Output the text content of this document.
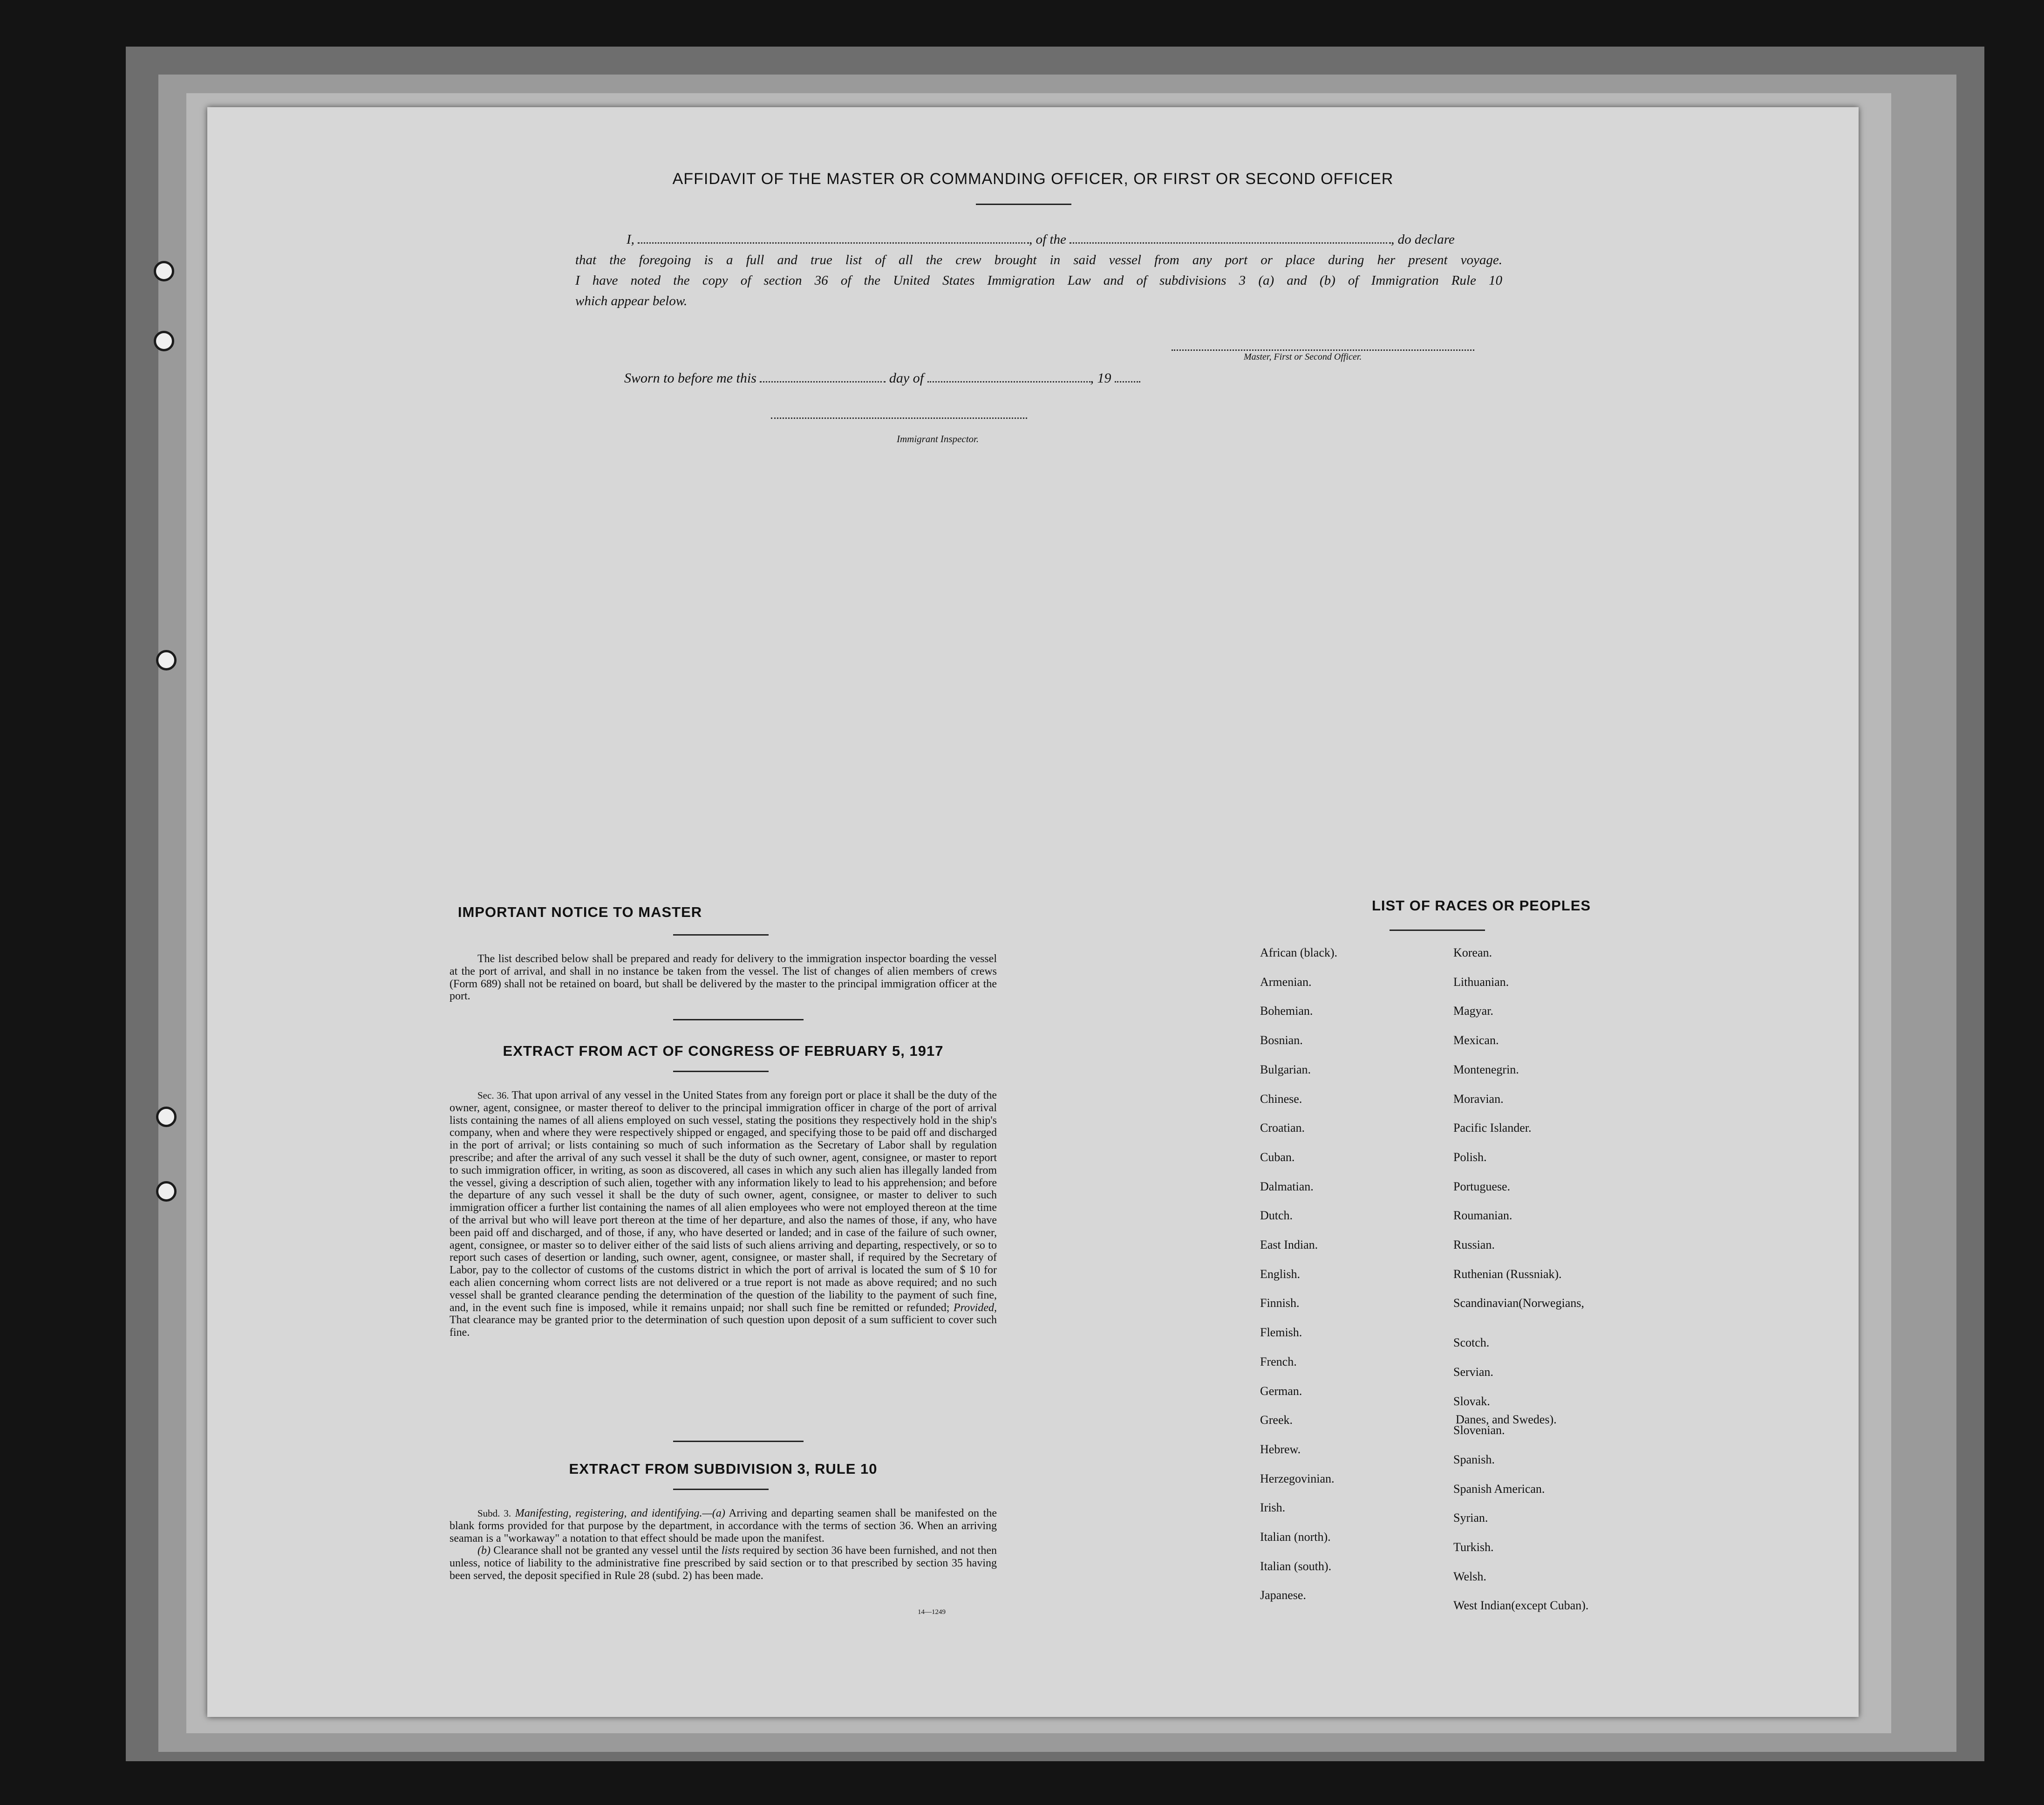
AFFIDAVIT OF THE MASTER OR COMMANDING OFFICER, OR FIRST OR SECOND OFFICER
I,	, of the	, do declare
that the foregoing is a full and true list of all the crew brought in said vessel from any port or place during her present voyage.
I have noted the copy of section 36 of the United States Immigration Law and of subdivisions 3 (a) and (b) of Immigration Rule 10
which appear below.
Master, First or Second Officer.
Sworn to before me this	day of	, 19
Immigrant Inspector.
IMPORTANT NOTICE TO MASTER

The list described below shall be prepared and ready for delivery to the immigration inspector boarding the vessel at the port of arrival, and shall in no instance be taken from the vessel. The list of changes of alien members of crews (Form 689) shall not be retained on board, but shall be delivered by the master to the principal immigration officer at the port.

EXTRACT FROM ACT OF CONGRESS OF FEBRUARY 5, 1917

Sec. 36. That upon arrival of any vessel in the United States from any foreign port or place it shall be the duty of the owner, agent, consignee, or master thereof to deliver to the principal immigration officer in charge of the port of arrival lists containing the names of all aliens employed on such vessel, stating the positions they respectively hold in the ship's company, when and where they were respectively shipped or engaged, and specifying those to be paid off and discharged in the port of arrival; or lists containing so much of such information as the Secretary of Labor shall by regulation prescribe; and after the arrival of any such vessel it shall be the duty of such owner, agent, consignee, or master to report to such immigration officer, in writing, as soon as discovered, all cases in which any such alien has illegally landed from the vessel, giving a description of such alien, together with any information likely to lead to his apprehension; and before the departure of any such vessel it shall be the duty of such owner, agent, consignee, or master to deliver to such immigration officer a further list containing the names of all alien employees who were not employed thereon at the time of the arrival but who will leave port thereon at the time of her departure, and also the names of those, if any, who have been paid off and discharged, and of those, if any, who have deserted or landed; and in case of the failure of such owner, agent, consignee, or master so to deliver either of the said lists of such aliens arriving and departing, respectively, or so to report such cases of desertion or landing, such owner, agent, consignee, or master shall, if required by the Secretary of Labor, pay to the collector of customs of the customs district in which the port of arrival is located the sum of $ 10 for each alien concerning whom correct lists are not delivered or a true report is not made as above required; and no such vessel shall be granted clearance pending the determination of the question of the liability to the payment of such fine, and, in the event such fine is imposed, while it remains unpaid; nor shall such fine be remitted or refunded; Provided, That clearance may be granted prior to the determination of such question upon deposit of a sum sufficient to cover such fine.

EXTRACT FROM SUBDIVISION 3, RULE 10

Subd. 3. Manifesting, registering, and identifying.—(a) Arriving and departing seamen shall be manifested on the blank forms provided for that purpose by the department, in accordance with the terms of section 36. When an arriving seaman is a "workaway" a notation to that effect should be made upon the manifest.

(b) Clearance shall not be granted any vessel until the lists required by section 36 have been furnished, and not then unless, notice of liability to the administrative fine prescribed by said section or to that prescribed by section 35 having been served, the deposit specified in Rule 28 (subd. 2) has been made.

14—1249
LIST OF RACES OR PEOPLES
African (black).
Armenian.
Bohemian.
Bosnian.
Bulgarian.
Chinese.
Croatian.
Cuban.
Dalmatian.
Dutch.
East Indian.
English.
Finnish.
Flemish.
French.
German.
Greek.
Hebrew.
Herzegovinian.
Irish.
Italian (north).
Italian (south).
Japanese.
Korean.
Lithuanian.
Magyar.
Mexican.
Montenegrin.
Moravian.
Pacific Islander.
Polish.
Portuguese.
Roumanian.
Russian.
Ruthenian (Russniak).
Scandinavian(Norwegians,
Scotch.
Servian.
Slovak.
Slovenian.
Spanish.
Spanish American.
Syrian.
Turkish.
Welsh.
West Indian(except Cuban).
Danes, and Swedes).
